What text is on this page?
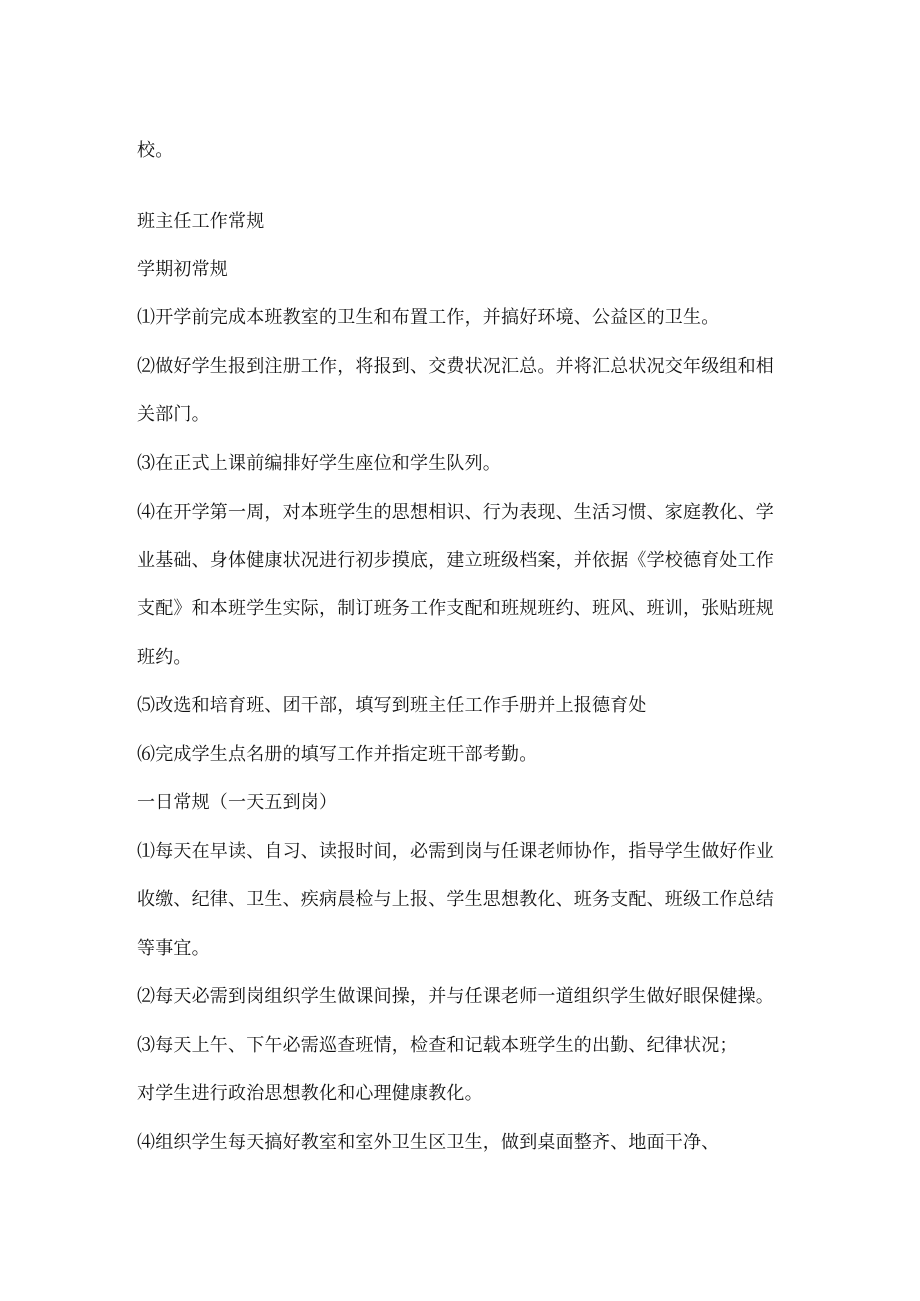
校。
班主任工作常规
学期初常规
⑴开学前完成本班教室的卫生和布置工作，并搞好环境、公益区的卫生。
⑵做好学生报到注册工作，将报到、交费状况汇总。并将汇总状况交年级组和相
关部门。
⑶在正式上课前编排好学生座位和学生队列。
⑷在开学第一周，对本班学生的思想相识、行为表现、生活习惯、家庭教化、学
业基础、身体健康状况进行初步摸底，建立班级档案，并依据《学校德育处工作
支配》和本班学生实际，制订班务工作支配和班规班约、班风、班训，张贴班规
班约。
⑸改选和培育班、团干部，填写到班主任工作手册并上报德育处
⑹完成学生点名册的填写工作并指定班干部考勤。
一日常规（一天五到岗）
⑴每天在早读、自习、读报时间，必需到岗与任课老师协作，指导学生做好作业
收缴、纪律、卫生、疾病晨检与上报、学生思想教化、班务支配、班级工作总结
等事宜。
⑵每天必需到岗组织学生做课间操，并与任课老师一道组织学生做好眼保健操。
⑶每天上午、下午必需巡查班情，检查和记载本班学生的出勤、纪律状况；
对学生进行政治思想教化和心理健康教化。
⑷组织学生每天搞好教室和室外卫生区卫生，做到桌面整齐、地面干净、
